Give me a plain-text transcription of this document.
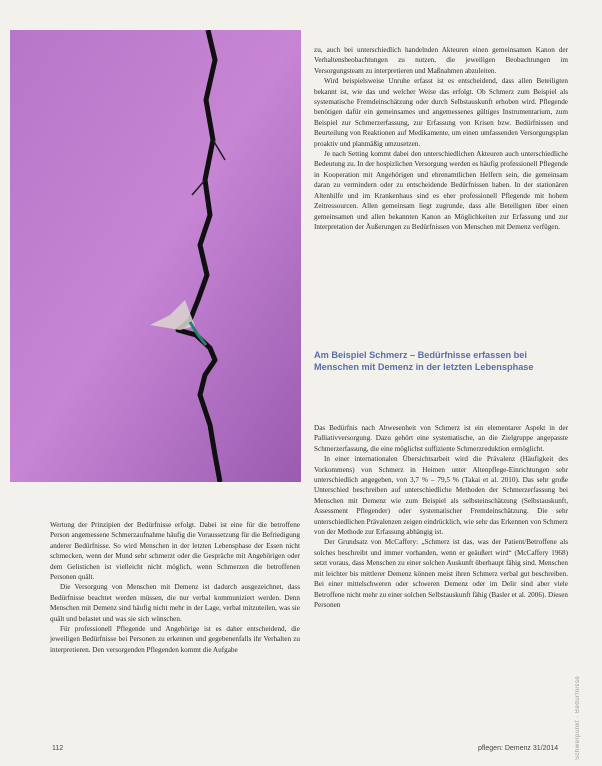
Wertung der Prinzipien der Bedürfnisse erfolgt. Dabei ist eine für die betroffene Person angemessene Schmerzaufnahme häufig die Voraussetzung für die Befriedigung anderer Bedürfnisse. So wird Menschen in der letzten Lebensphase der Essen nicht schmecken, wenn der Mund sehr schmerzt oder die Gespräche mit Angehörigen oder dem Gelistichen ist vielleicht nicht möglich, wenn Schmerzen die betroffenen Personen quält.

Die Versorgung von Menschen mit Demenz ist dadurch ausgezeichnet, dass Bedürfnisse beachtet werden müssen, die nur verbal kommuniziert werden. Denn Menschen mit Demenz sind häufig nicht mehr in der Lage, verbal mitzuteilen, was sie quält und belastet und was sie sich wünschen.

Für professionell Pflegende und Angehörige ist es daher entscheidend, die jeweiligen Bedürfnisse bei Personen zu erkennen und gegebenenfalls ihr Verhalten zu interpretieren. Den versorgenden Pflegenden kommt die Aufgabe

zu, auch bei unterschiedlich handelnden Akteuren einen gemeinsamen Kanon der Verhaltensbeobachtungen zu nutzen, die jeweiligen Beobachtungen im Versorgungsteam zu interpretieren und Maßnahmen abzuleiten.

Wird beispielsweise Unruhe erfasst ist es entscheidend, dass allen Beteiligten bekannt ist, wie das und welcher Weise das erfolgt. Ob Schmerz zum Beispiel als systematische Fremdeinschätzung oder durch Selbstauskunft erhoben wird. Pflegende benötigen dafür ein gemeinsames und angemessenes gültiges Instrumentarium, zum Beispiel zur Schmerzerfassung, zur Erfassung von Krisen bzw. Bedürfnissen und Beurteilung von Reaktionen auf Medikamente, um einen umfassenden Versorgungsplan proaktiv und planmäßig umzusetzen.

Je nach Setting kommt dabei den unterschiedlichen Akteuren auch unterschiedliche Bedeutung zu. In der hospizlichen Versorgung werden es häufig professionell Pflegende in Kooperation mit Angehörigen und ehrenamtlichen Helfern sein, die gemeinsam daran zu vermindern oder zu entscheidende Bedürfnissen haben. In der stationären Altenhilfe und im Krankenhaus sind es eher professionell Pflegende mit hohem Zeitressourcen. Allen gemeinsam liegt zugrunde, dass alle Beteiligten über einen gemeinsamen und allen bekannten Kanon an Möglichkeiten zur Erfassung und zur Interpretation der Äußerungen zu Bedürfnissen von Menschen mit Demenz verfügen.

Am Beispiel Schmerz – Bedürfnisse erfassen bei Menschen mit Demenz in der letzten Lebensphase

Das Bedürfnis nach Abwesenheit von Schmerz ist ein elementarer Aspekt in der Palliativversorgung. Dazu gehört eine systematische, an die Zielgruppe angepasste Schmerzerfassung, die eine möglichst suffiziente Schmerzreduktion ermöglicht.

In einer internationalen Übersichtsarbeit wird die Prävalenz (Häufigkeit des Vorkommens) von Schmerz in Heimen unter Altenpflege-Einrichtungen sehr unterschiedlich angegeben, von 3,7 % – 79,5 % (Takai et al. 2010). Das sehr große Unterschied beschreiben auf unterschiedliche Methoden der Schmerzerfassung bei Menschen mit Demenz wie zum Beispiel als selbsteinschätzung (Selbstauskunft, Assessment Pflegender) oder systematischer Fremdeinschätzung. Die sehr unterschiedlichen Prävalenzen zeigen eindrücklich, wie sehr das Erkennen von Schmerz von der Methode zur Erfassung abhängig ist.

Der Grundsatz von McCaffery: „Schmerz ist das, was der Patient/Betroffene als solches beschreibt und immer vorhanden, wenn er geäußert wird“ (McCaffery 1968) setzt voraus, dass Menschen zu einer solchen Auskunft überhaupt fähig sind. Menschen mit leichter bis mittlerer Demenz können meist ihren Schmerz verbal gut beschreiben. Bei einer mittelschweren oder schweren Demenz oder im Delir sind aber viele Betroffene nicht mehr zu einer solchen Selbstauskunft fähig (Basler et al. 2006). Diesen Personen

112	pflegen: Demenz 31/2014	Schwerpunkt · Bedürfnisse
